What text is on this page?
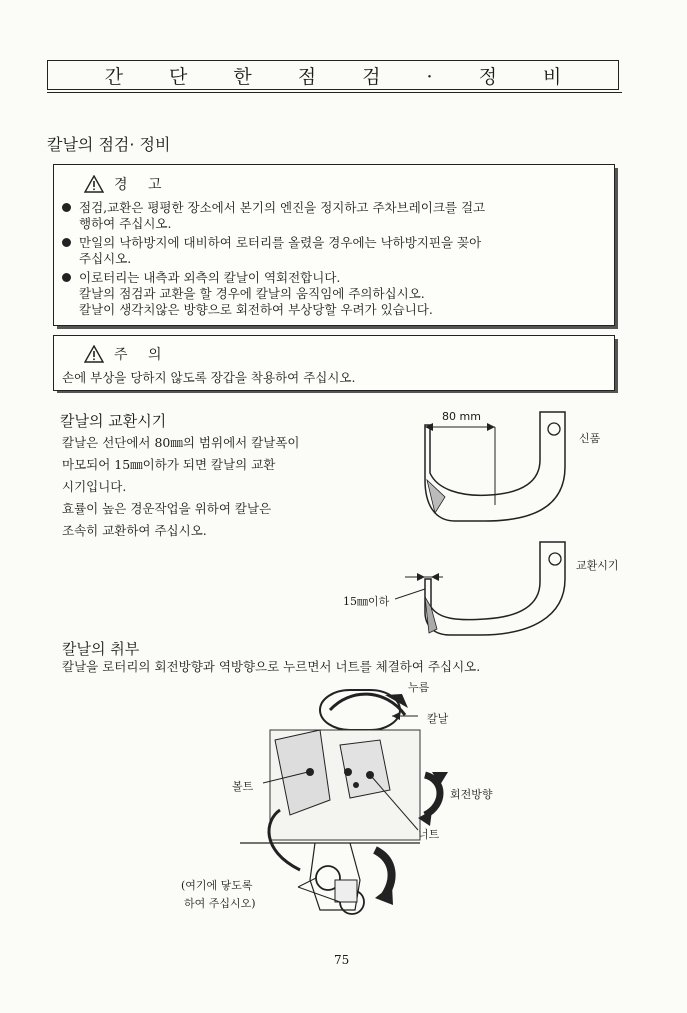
간 단 한 점 검 · 정 비
칼날의 점검· 정비
경 고
점검,교환은 평평한 장소에서 본기의 엔진을 정지하고 주차브레이크를 걸고
행하여 주십시오.
만일의 낙하방지에 대비하여 로터리를 올렸을 경우에는 낙하방지핀을 꽂아
주십시오.
이로터리는 내측과 외측의 칼날이 역회전합니다.
칼날의 점검과 교환을 할 경우에 칼날의 움직임에 주의하십시오.
칼날이 생각치않은 방향으로 회전하여 부상당할 우려가 있습니다.
주 의
손에 부상을 당하지 않도록 장갑을 착용하여 주십시오.
칼날의 교환시기
칼날은 선단에서 80㎜의 범위에서 칼날폭이
마모되어 15㎜이하가 되면 칼날의 교환
시기입니다.
효률이 높은 경운작업을 위하여 칼날은
조속히 교환하여 주십시오.
80 mm
신품
교환시기
15㎜이하
칼날의 취부
칼날을 로터리의 회전방향과 역방향으로 누르면서 너트를 체결하여 주십시오.
누름
칼날
볼트
회전방향
너트
(여기에 닿도록
하여 주십시오)
75
